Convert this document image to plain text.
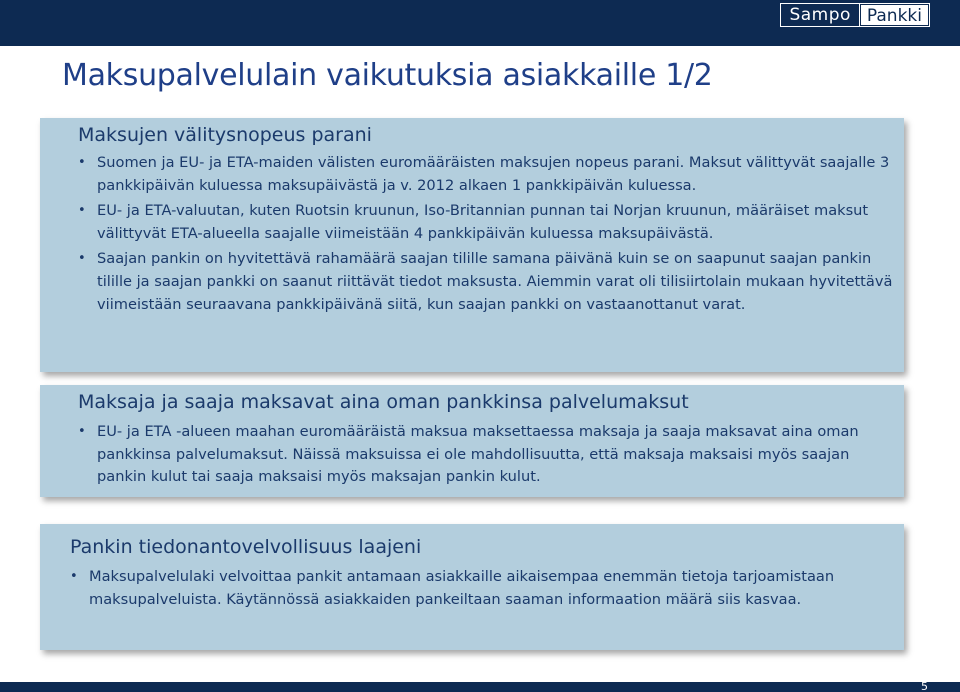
Sampo Pankki
Maksupalvelulain vaikutuksia asiakkaille 1/2
Maksujen välitysnopeus parani
• Suomen ja EU- ja ETA-maiden välisten euromääräisten maksujen nopeus parani. Maksut välittyvät saajalle 3 pankkipäivän kuluessa maksupäivästä ja v. 2012 alkaen 1 pankkipäivän kuluessa.
• EU- ja ETA-valuutan, kuten Ruotsin kruunun, Iso-Britannian punnan tai Norjan kruunun, määräiset maksut välittyvät ETA-alueella saajalle viimeistään 4 pankkipäivän kuluessa maksupäivästä.
• Saajan pankin on hyvitettävä rahamäärä saajan tilille samana päivänä kuin se on saapunut saajan pankin tilille ja saajan pankki on saanut riittävät tiedot maksusta. Aiemmin varat oli tilisiirtolain mukaan hyvitettävä viimeistään seuraavana pankkipäivänä siitä, kun saajan pankki on vastaanottanut varat.
Maksaja ja saaja maksavat aina oman pankkinsa palvelumaksut
• EU- ja ETA -alueen maahan euromääräistä maksua maksettaessa maksaja ja saaja maksavat aina oman pankkinsa palvelumaksut. Näissä maksuissa ei ole mahdollisuutta, että maksaja maksaisi myös saajan pankin kulut tai saaja maksaisi myös maksajan pankin kulut.
Pankin tiedonantovelvollisuus laajeni
• Maksupalvelulaki velvoittaa pankit antamaan asiakkaille aikaisempaa enemmän tietoja tarjoamistaan maksupalveluista. Käytännössä asiakkaiden pankeiltaan saaman informaation määrä siis kasvaa.
5
